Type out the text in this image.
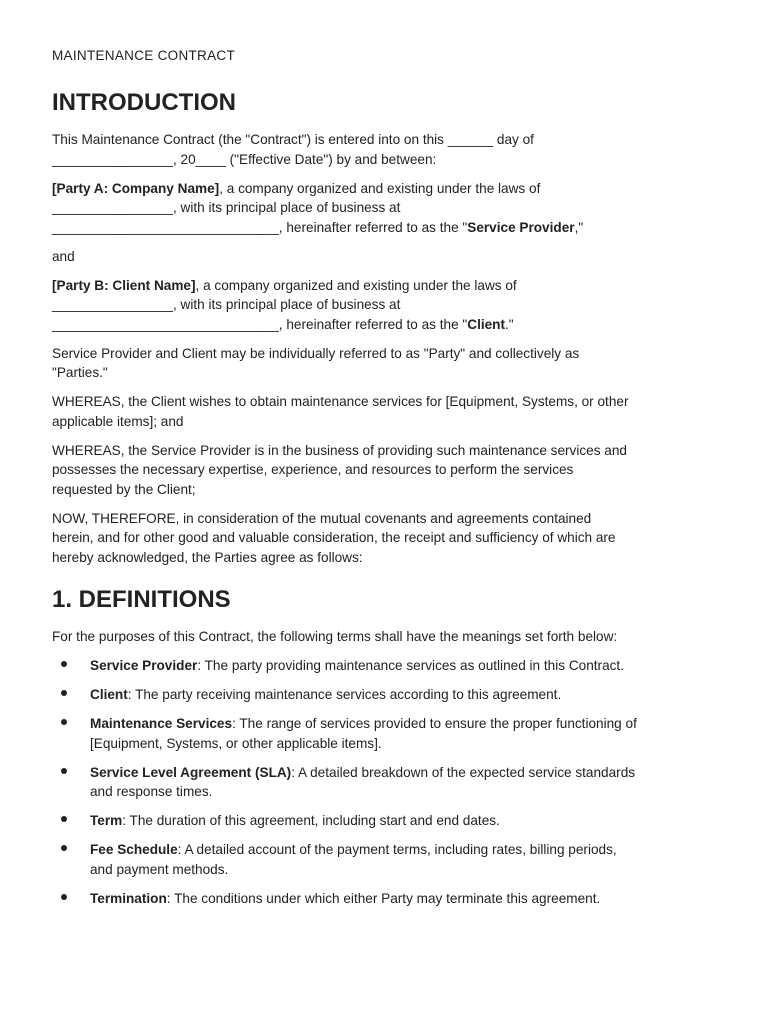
MAINTENANCE CONTRACT
INTRODUCTION

This Maintenance Contract (the "Contract") is entered into on this ______ day of
________________, 20____ ("Effective Date") by and between:

[Party A: Company Name], a company organized and existing under the laws of
________________, with its principal place of business at
______________________________, hereinafter referred to as the "Service Provider,"

and

[Party B: Client Name], a company organized and existing under the laws of
________________, with its principal place of business at
______________________________, hereinafter referred to as the "Client."

Service Provider and Client may be individually referred to as "Party" and collectively as
"Parties."

WHEREAS, the Client wishes to obtain maintenance services for [Equipment, Systems, or other
applicable items]; and

WHEREAS, the Service Provider is in the business of providing such maintenance services and
possesses the necessary expertise, experience, and resources to perform the services
requested by the Client;

NOW, THEREFORE, in consideration of the mutual covenants and agreements contained
herein, and for other good and valuable consideration, the receipt and sufficiency of which are
hereby acknowledged, the Parties agree as follows:

1. DEFINITIONS

For the purposes of this Contract, the following terms shall have the meanings set forth below:

Service Provider: The party providing maintenance services as outlined in this Contract.
Client: The party receiving maintenance services according to this agreement.
Maintenance Services: The range of services provided to ensure the proper functioning of
[Equipment, Systems, or other applicable items].
Service Level Agreement (SLA): A detailed breakdown of the expected service standards
and response times.
Term: The duration of this agreement, including start and end dates.
Fee Schedule: A detailed account of the payment terms, including rates, billing periods,
and payment methods.
Termination: The conditions under which either Party may terminate this agreement.
